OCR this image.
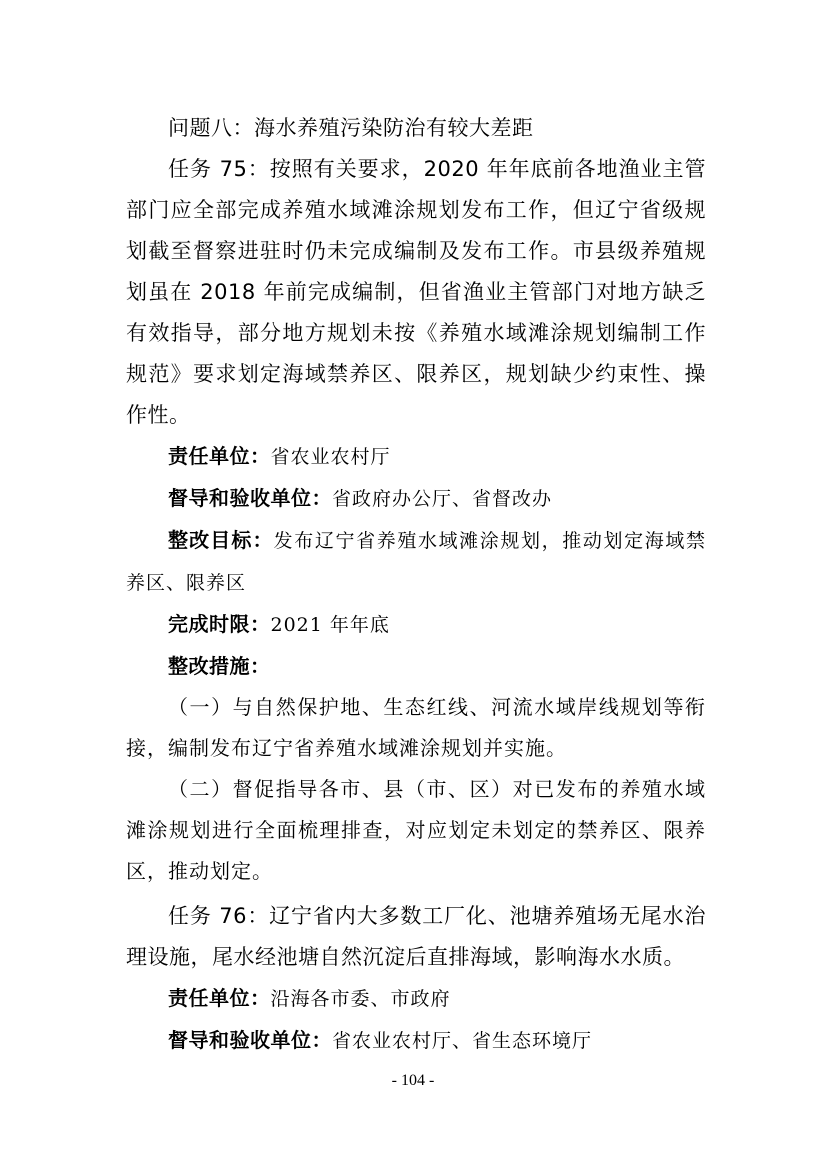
问题八：海水养殖污染防治有较大差距

任务 75：按照有关要求，2020 年年底前各地渔业主管部门应全部完成养殖水域滩涂规划发布工作，但辽宁省级规划截至督察进驻时仍未完成编制及发布工作。市县级养殖规划虽在 2018 年前完成编制，但省渔业主管部门对地方缺乏有效指导，部分地方规划未按《养殖水域滩涂规划编制工作规范》要求划定海域禁养区、限养区，规划缺少约束性、操作性。

责任单位：省农业农村厅

督导和验收单位：省政府办公厅、省督改办

整改目标：发布辽宁省养殖水域滩涂规划，推动划定海域禁养区、限养区

完成时限：2021 年年底

整改措施：

（一）与自然保护地、生态红线、河流水域岸线规划等衔接，编制发布辽宁省养殖水域滩涂规划并实施。

（二）督促指导各市、县（市、区）对已发布的养殖水域滩涂规划进行全面梳理排查，对应划定未划定的禁养区、限养区，推动划定。

任务 76：辽宁省内大多数工厂化、池塘养殖场无尾水治理设施，尾水经池塘自然沉淀后直排海域，影响海水水质。

责任单位：沿海各市委、市政府

督导和验收单位：省农业农村厅、省生态环境厅

- 104 -
